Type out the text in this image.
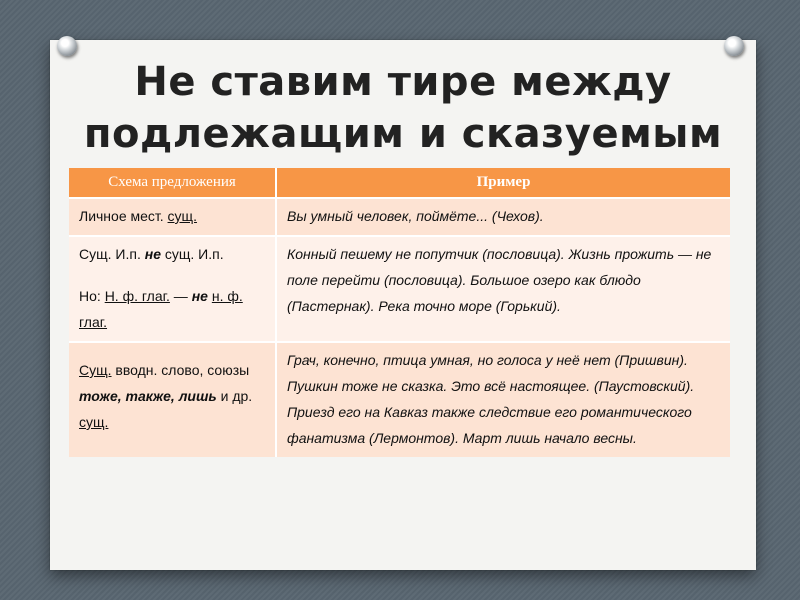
Не ставим тире между
подлежащим и сказуемым
Схема предложения	Пример
Личное мест. сущ.	Вы умный человек, поймёте... (Чехов).
Сущ. И.п. не сущ. И.п.
Но: Н. ф. глаг. — не н. ф. глаг.	Конный пешему не попутчик (пословица). Жизнь прожить — не поле перейти (пословица). Большое озеро как блюдо (Пастернак). Река точно море (Горький).
Сущ. вводн. слово, союзы тоже, также, лишь и др. сущ.	Грач, конечно, птица умная, но голоса у неё нет (Пришвин). Пушкин тоже не сказка. Это всё настоящее. (Паустовский). Приезд его на Кавказ также следствие его романтического фанатизма (Лермонтов). Март лишь начало весны.
